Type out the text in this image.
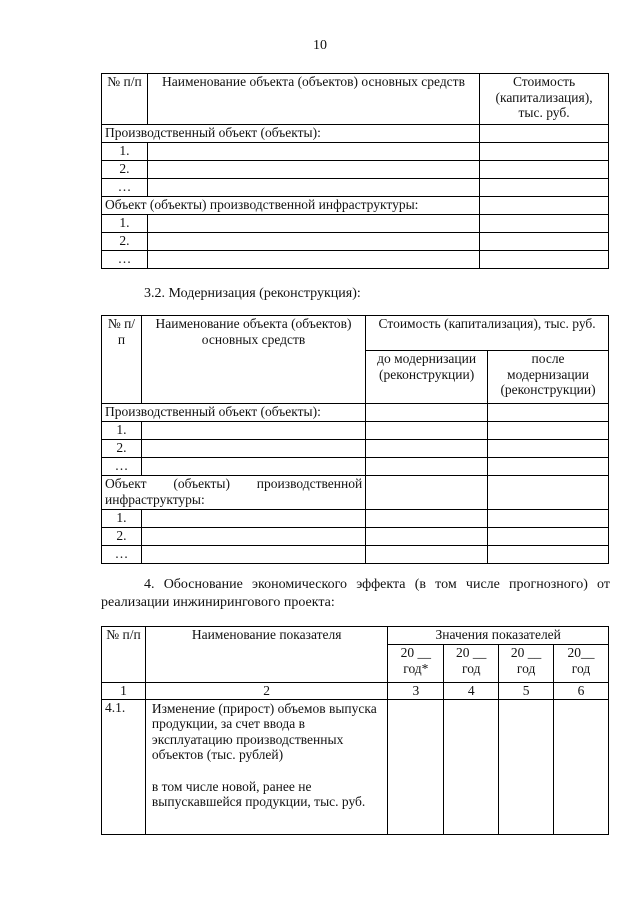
10
№ п/п	Наименование объекта (объектов) основных средств	Стоимость (капитализация), тыс. руб.
Производственный объект (объекты):		
1.		
2.		
…		
Объект (объекты) производственной инфраструктуры:		
1.		
2.		
…		
3.2. Модернизация (реконструкция):
№ п/п	Наименование объекта (объектов) основных средств	Стоимость (капитализация), тыс. руб.	
		до модернизации (реконструкции)	после модернизации (реконструкции)
Производственный объект (объекты):			
1.			
2.			
…			
Объект (объекты) производственной инфраструктуры:			
1.			
2.			
…			
4. Обоснование экономического эффекта (в том числе прогнозного) от
реализации инжинирингового проекта:
№ п/п	Наименование показателя	Значения показателей			
		20 __ год*	20 __ год	20 __ год	20__ год
1	2	3	4	5	6
4.1.	Изменение (прирост) объемов выпуска продукции, за счет ввода в эксплуатацию производственных объектов (тыс. рублей)
в том числе новой, ранее не выпускавшейся продукции, тыс. руб.				
